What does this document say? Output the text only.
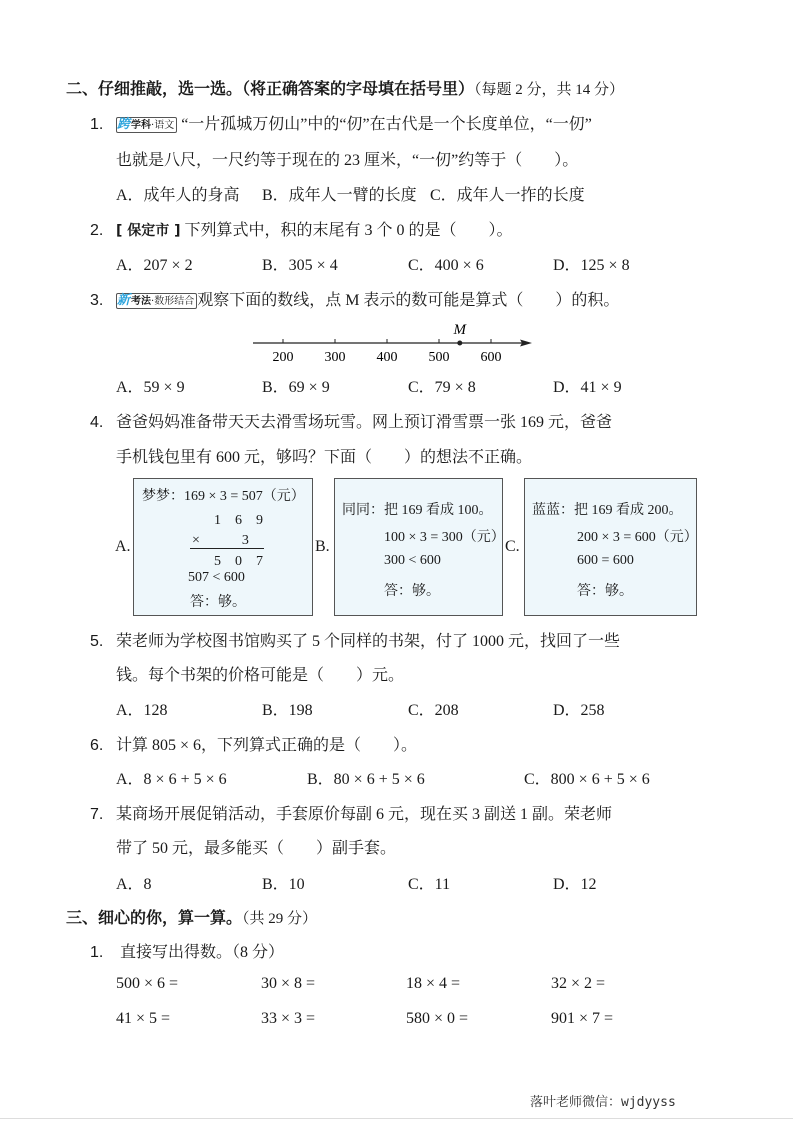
二、仔细推敲，选一选。（将正确答案的字母填在括号里）（每题 2 分，共 14 分）
1. 跨学科·语文 “一片孤城万仞山”中的“仞”在古代是一个长度单位，“一仞”
也就是八尺，一尺约等于现在的 23 厘米，“一仞”约等于（　　）。
A．成年人的身高 B．成年人一臂的长度 C．成年人一拃的长度
2. [ 保定市 ] 下列算式中，积的末尾有 3 个 0 的是（　　）。
A．207 × 2	B．305 × 4	C．400 × 6	D．125 × 8
3. 新考法·数形结合 观察下面的数线，点 M 表示的数可能是算式（　　）的积。
200 300 400 500 600
M
A．59 × 9	B．69 × 9	C．79 × 8	D．41 × 9
4. 爸爸妈妈准备带天天去滑雪场玩雪。网上预订滑雪票一张 169 元，爸爸
手机钱包里有 600 元，够吗？下面（　　）的想法不正确。
A.
梦梦：169 × 3 = 507（元）
1　6　9
×　　　3
5　0　7
507 < 600
答：够。
B.
同同：把 169 看成 100。
100 × 3 = 300（元）
300 < 600
答：够。
C.
蓝蓝：把 169 看成 200。
200 × 3 = 600（元）
600 = 600
答：够。
5. 荣老师为学校图书馆购买了 5 个同样的书架，付了 1000 元，找回了一些
钱。每个书架的价格可能是（　　）元。
A．128	B．198	C．208	D．258
6. 计算 805 × 6，下列算式正确的是（　　）。
A．8 × 6 + 5 × 6	B．80 × 6 + 5 × 6	C．800 × 6 + 5 × 6
7. 某商场开展促销活动，手套原价每副 6 元，现在买 3 副送 1 副。荣老师
带了 50 元，最多能买（　　）副手套。
A．8	B．10	C．11	D．12
三、细心的你，算一算。（共 29 分）
1. 直接写出得数。（8 分）
500 × 6 =	30 × 8 =	18 × 4 =	32 × 2 =
41 × 5 =	33 × 3 =	580 × 0 =	901 × 7 =
落叶老师微信：wjdyyss
